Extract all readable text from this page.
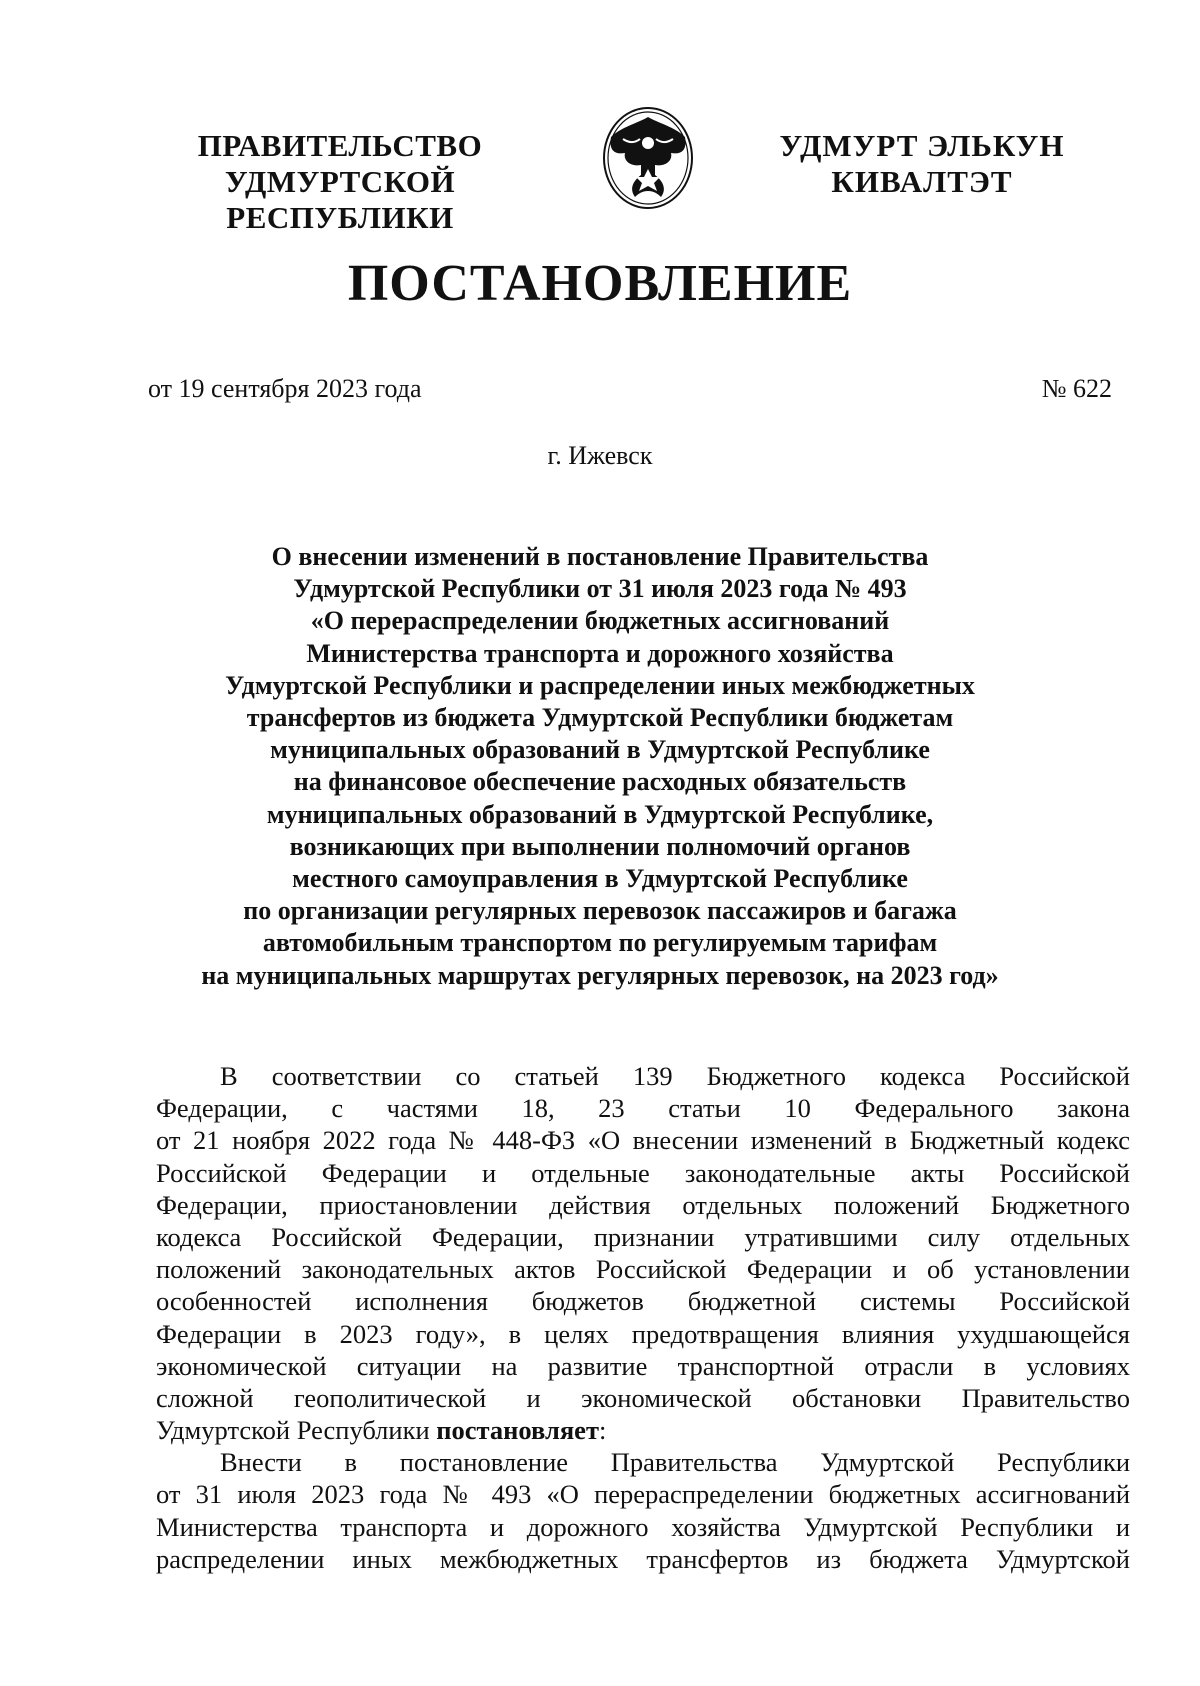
ПРАВИТЕЛЬСТВО
УДМУРТСКОЙ РЕСПУБЛИКИ
УДМУРТ ЭЛЬКУН
КИВАЛТЭТ
ПОСТАНОВЛЕНИЕ
от 19 сентября 2023 года	№ 622
г. Ижевск
О внесении изменений в постановление Правительства
Удмуртской Республики от 31 июля 2023 года № 493
«О перераспределении бюджетных ассигнований
Министерства транспорта и дорожного хозяйства
Удмуртской Республики и распределении иных межбюджетных
трансфертов из бюджета Удмуртской Республики бюджетам
муниципальных образований в Удмуртской Республике
на финансовое обеспечение расходных обязательств
муниципальных образований в Удмуртской Республике,
возникающих при выполнении полномочий органов
местного самоуправления в Удмуртской Республике
по организации регулярных перевозок пассажиров и багажа
автомобильным транспортом по регулируемым тарифам
на муниципальных маршрутах регулярных перевозок, на 2023 год»
В соответствии со статьей 139 Бюджетного кодекса Российской
Федерации, с частями 18, 23 статьи 10 Федерального закона
от 21 ноября 2022 года № 448-ФЗ «О внесении изменений в Бюджетный кодекс
Российской Федерации и отдельные законодательные акты Российской
Федерации, приостановлении действия отдельных положений Бюджетного
кодекса Российской Федерации, признании утратившими силу отдельных
положений законодательных актов Российской Федерации и об установлении
особенностей исполнения бюджетов бюджетной системы Российской
Федерации в 2023 году», в целях предотвращения влияния ухудшающейся
экономической ситуации на развитие транспортной отрасли в условиях
сложной геополитической и экономической обстановки Правительство
Удмуртской Республики постановляет:
Внести в постановление Правительства Удмуртской Республики
от 31 июля 2023 года № 493 «О перераспределении бюджетных ассигнований
Министерства транспорта и дорожного хозяйства Удмуртской Республики и
распределении иных межбюджетных трансфертов из бюджета Удмуртской
